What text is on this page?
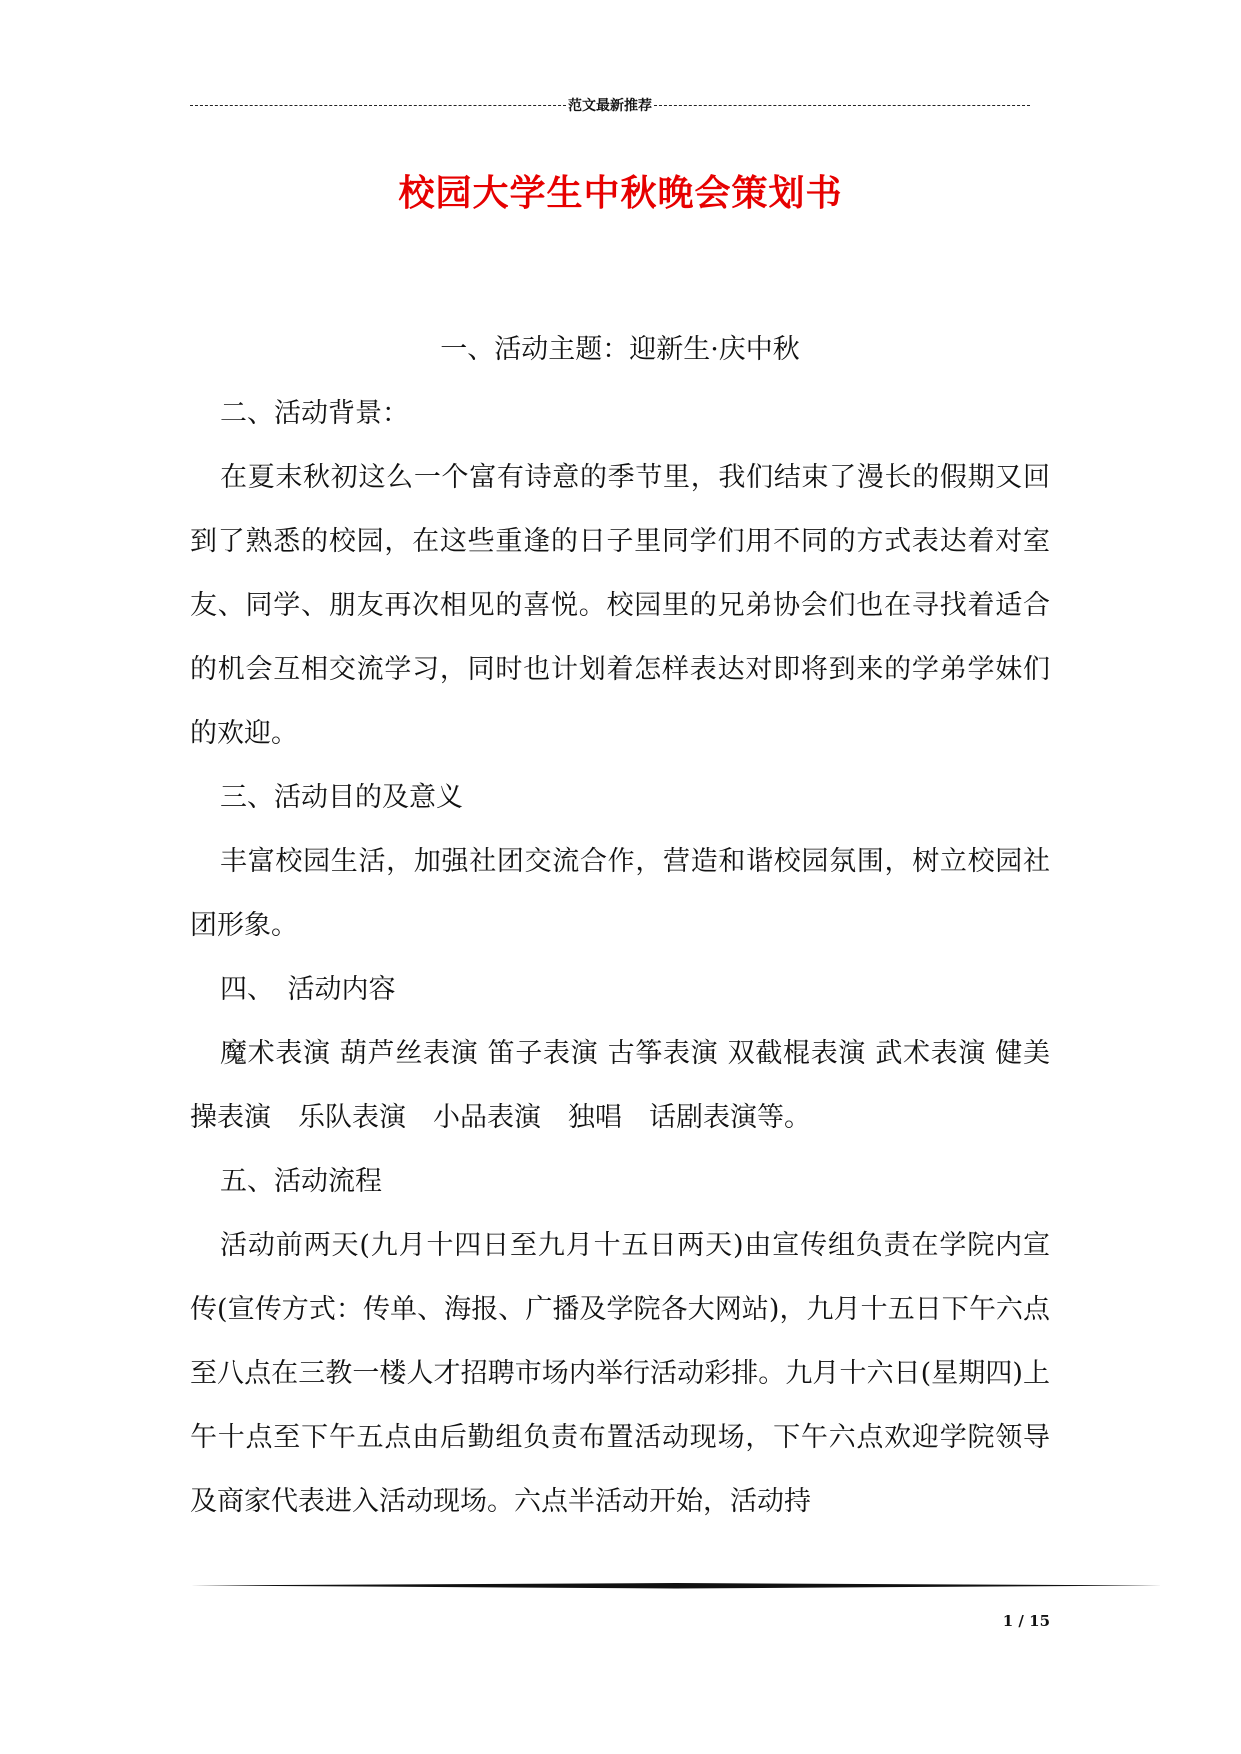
范文最新推荐
校园大学生中秋晚会策划书

一、活动主题：迎新生·庆中秋

二、活动背景：

在夏末秋初这么一个富有诗意的季节里，我们结束了漫长的假期又回到了熟悉的校园，在这些重逢的日子里同学们用不同的方式表达着对室友、同学、朋友再次相见的喜悦。校园里的兄弟协会们也在寻找着适合的机会互相交流学习，同时也计划着怎样表达对即将到来的学弟学妹们的欢迎。

三、活动目的及意义

丰富校园生活，加强社团交流合作，营造和谐校园氛围，树立校园社团形象。

四、　活动内容

魔术表演 葫芦丝表演 笛子表演 古筝表演 双截棍表演 武术表演 健美操表演　乐队表演　小品表演　独唱　话剧表演等。

五、活动流程

活动前两天(九月十四日至九月十五日两天)由宣传组负责在学院内宣传(宣传方式：传单、海报、广播及学院各大网站)，九月十五日下午六点至八点在三教一楼人才招聘市场内举行活动彩排。九月十六日(星期四)上午十点至下午五点由后勤组负责布置活动现场，下午六点欢迎学院领导及商家代表进入活动现场。六点半活动开始，活动持

1 / 15
